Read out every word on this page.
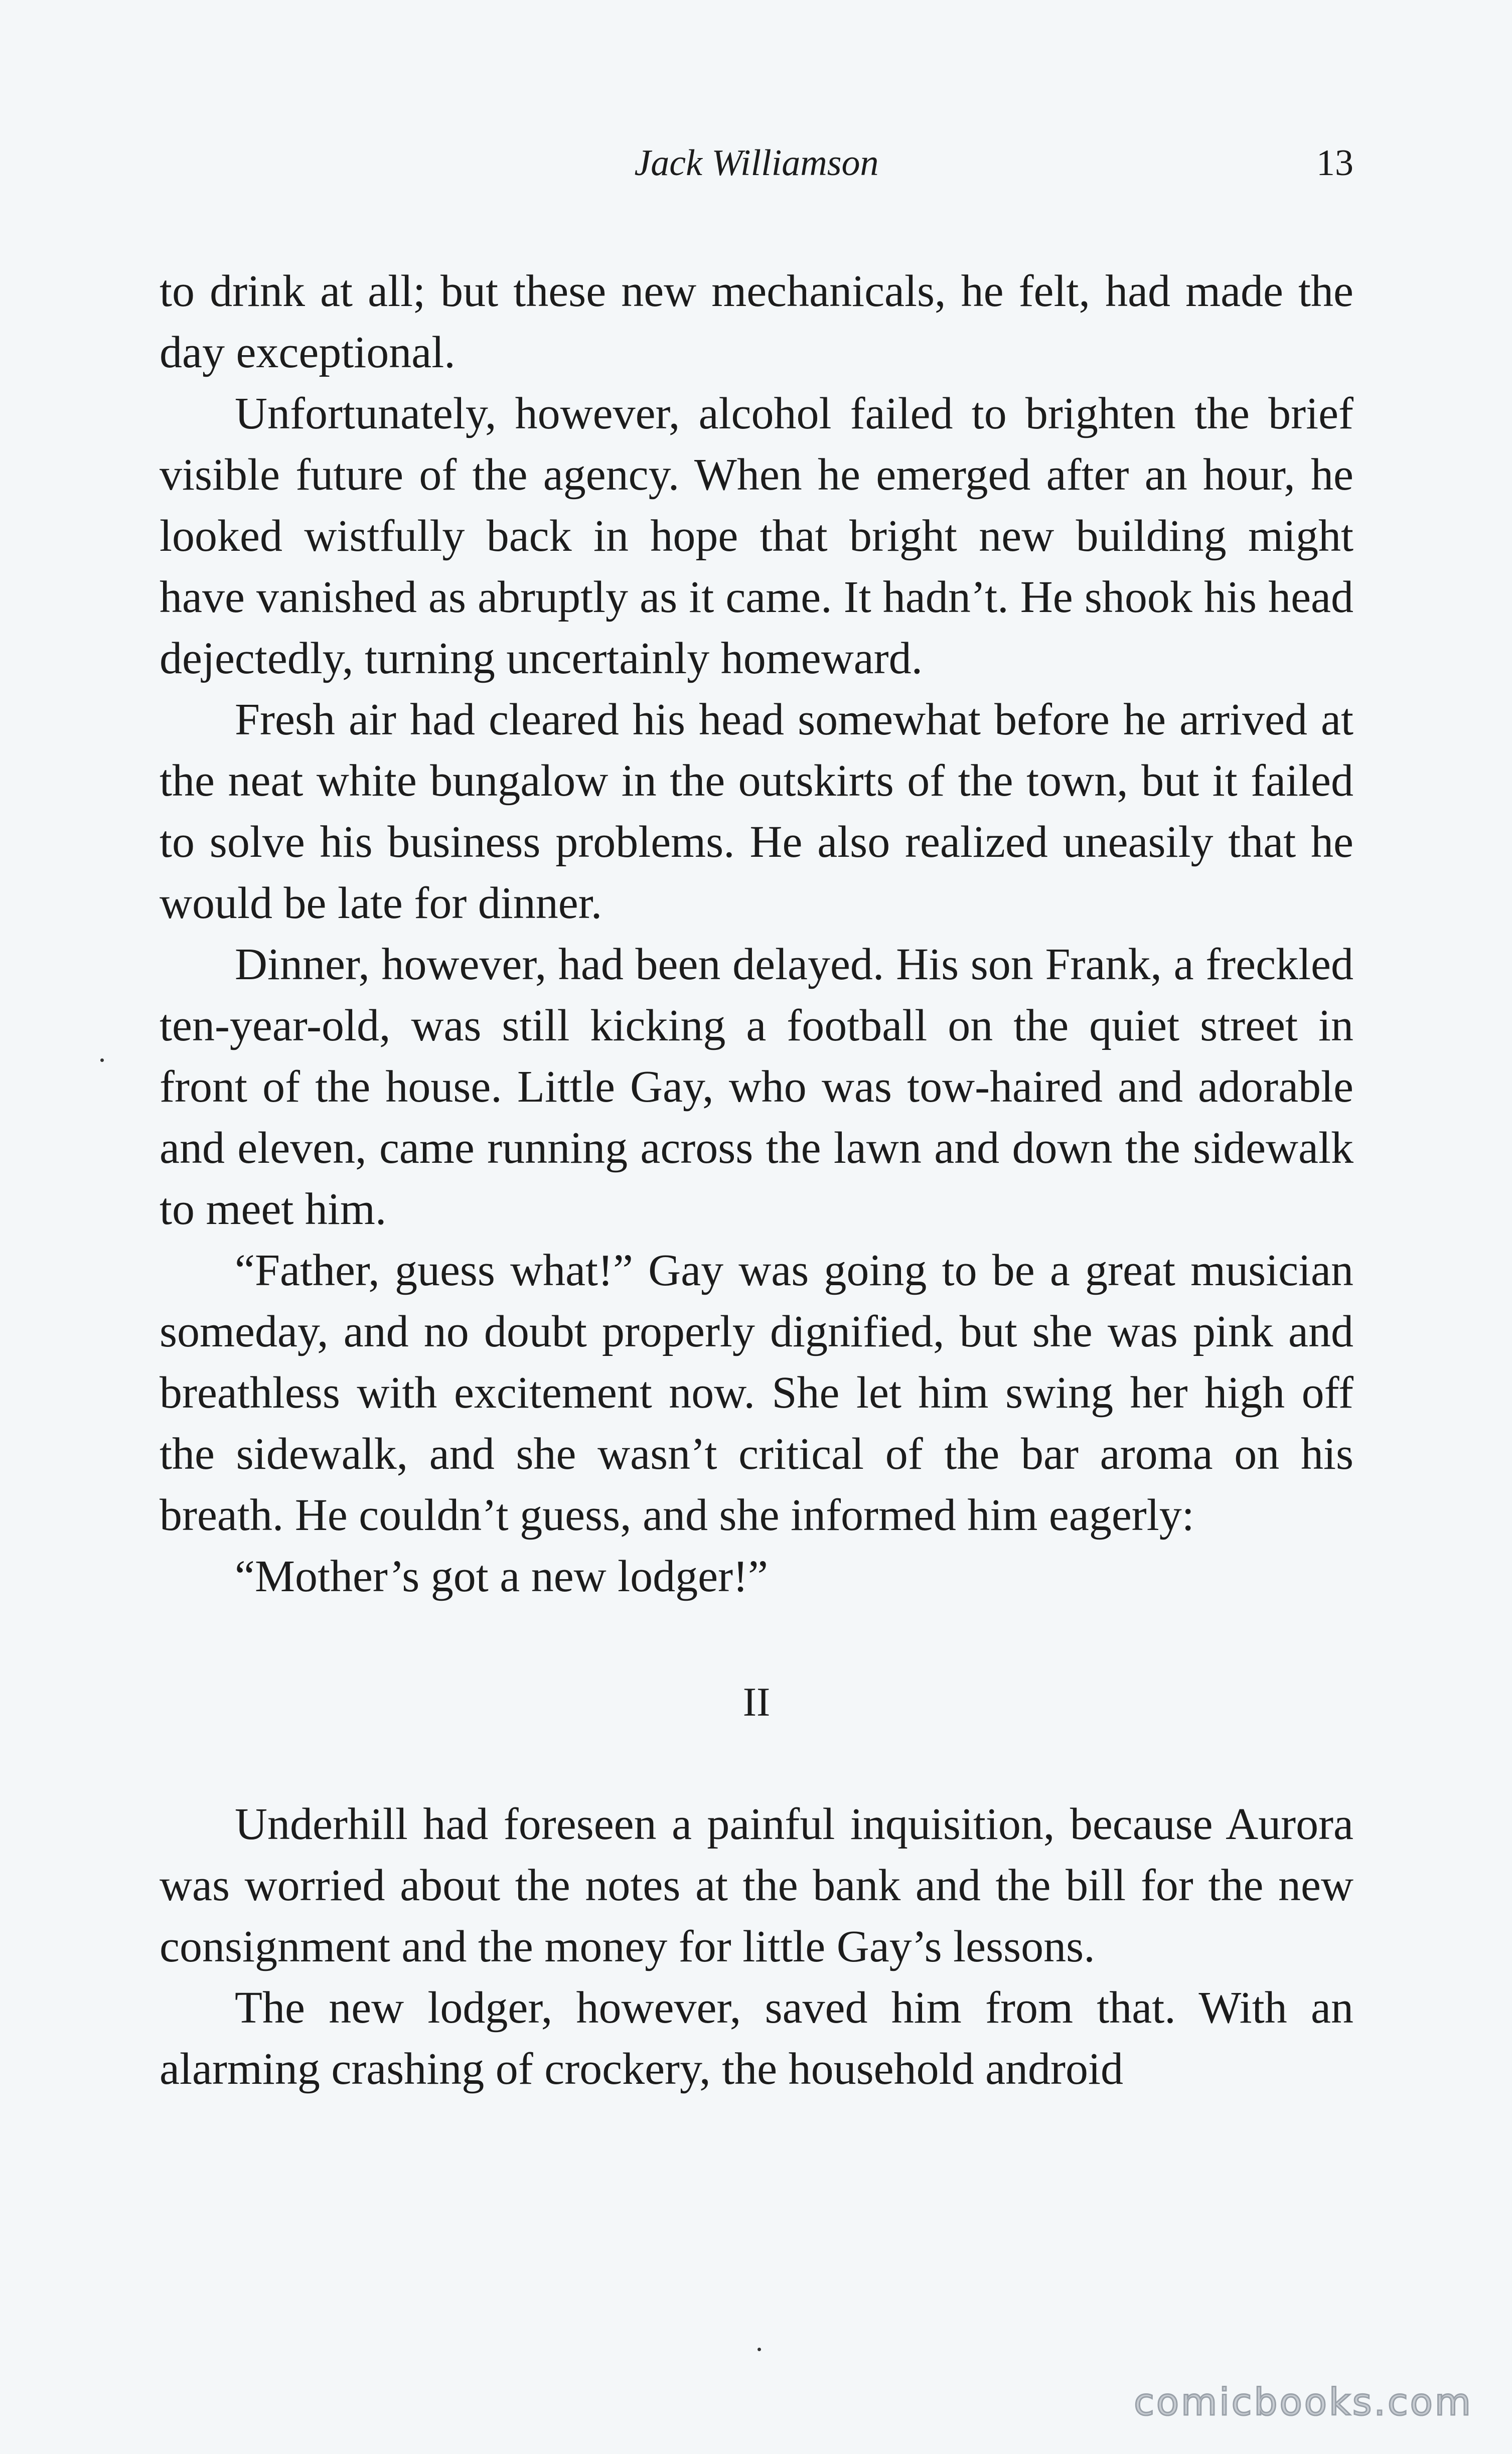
Jack Williamson	13

to drink at all; but these new mechanicals, he felt, had made the day exceptional.

Unfortunately, however, alcohol failed to brighten the brief visible future of the agency. When he emerged after an hour, he looked wistfully back in hope that bright new building might have vanished as abruptly as it came. It hadn’t. He shook his head dejectedly, turning uncertainly homeward.

Fresh air had cleared his head somewhat before he arrived at the neat white bungalow in the outskirts of the town, but it failed to solve his business problems. He also realized uneasily that he would be late for dinner.

Dinner, however, had been delayed. His son Frank, a freckled ten-year-old, was still kicking a football on the quiet street in front of the house. Little Gay, who was tow-haired and adorable and eleven, came running across the lawn and down the sidewalk to meet him.

“Father, guess what!” Gay was going to be a great musician someday, and no doubt properly dignified, but she was pink and breathless with excitement now. She let him swing her high off the sidewalk, and she wasn’t critical of the bar aroma on his breath. He couldn’t guess, and she informed him eagerly:

“Mother’s got a new lodger!”

II

Underhill had foreseen a painful inquisition, because Aurora was worried about the notes at the bank and the bill for the new consignment and the money for little Gay’s lessons.

The new lodger, however, saved him from that. With an alarming crashing of crockery, the household android

comicbooks.com
